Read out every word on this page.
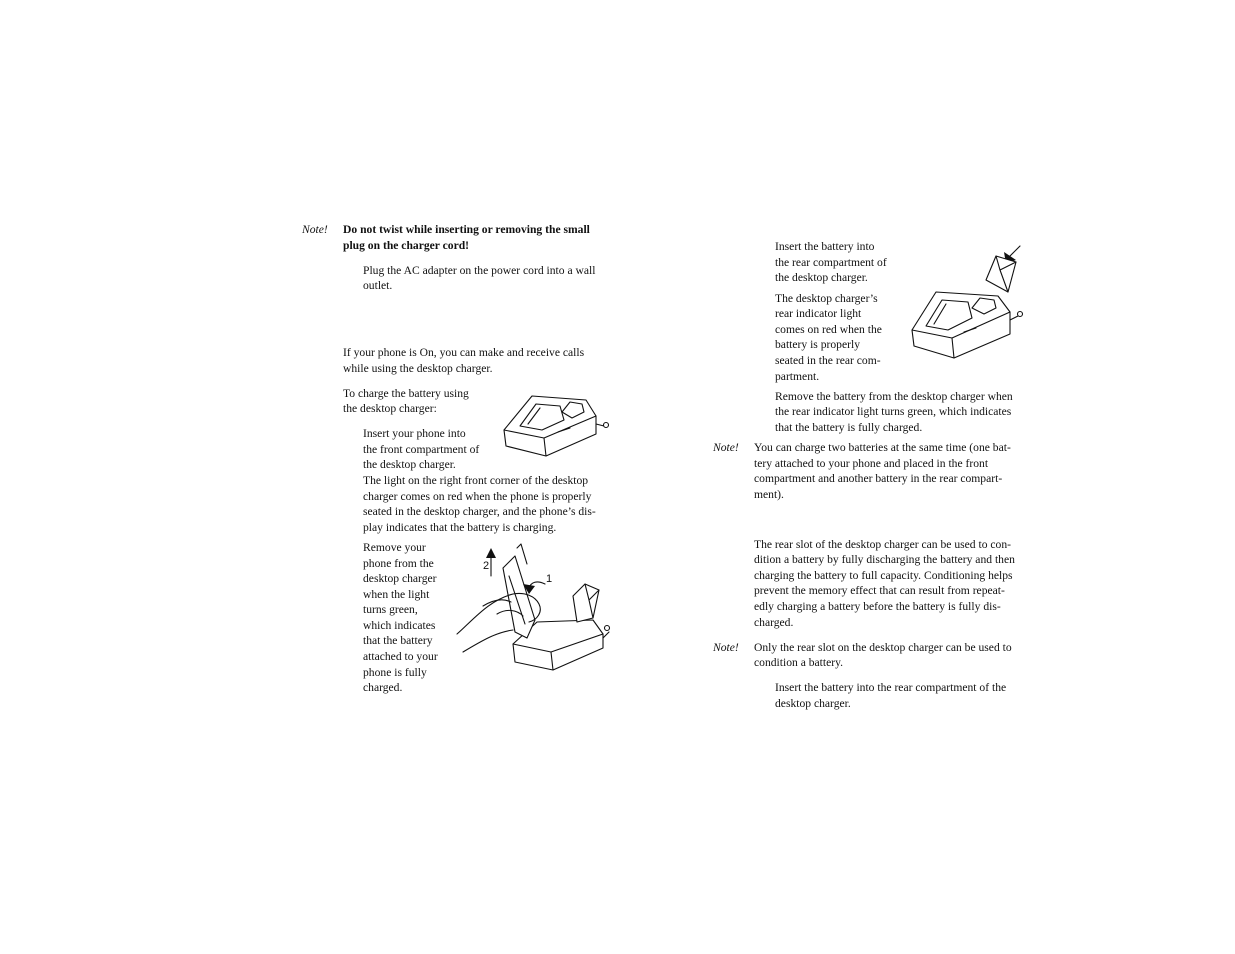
Note! Do not twist while inserting or removing the small

plug on the charger cord!

Plug the AC adapter on the power cord into a wall

outlet.

If your phone is On, you can make and receive calls

while using the desktop charger.

To charge the battery using

the desktop charger:

Insert your phone into

the front compartment of

the desktop charger.

The light on the right front corner of the desktop

charger comes on red when the phone is properly

seated in the desktop charger, and the phone’s dis-

play indicates that the battery is charging.

Remove your

phone from the

desktop charger

when the light

turns green,

which indicates

that the battery

attached to your

phone is fully

charged.

2

1

Insert the battery into

the rear compartment of

the desktop charger.

The desktop charger’s

rear indicator light

comes on red when the

battery is properly

seated in the rear com-

partment.

Remove the battery from the desktop charger when

the rear indicator light turns green, which indicates

that the battery is fully charged.

Note! You can charge two batteries at the same time (one bat-

tery attached to your phone and placed in the front

compartment and another battery in the rear compart-

ment).

The rear slot of the desktop charger can be used to con-

dition a battery by fully discharging the battery and then

charging the battery to full capacity. Conditioning helps

prevent the memory effect that can result from repeat-

edly charging a battery before the battery is fully dis-

charged.

Note! Only the rear slot on the desktop charger can be used to

condition a battery.

Insert the battery into the rear compartment of the

desktop charger.
